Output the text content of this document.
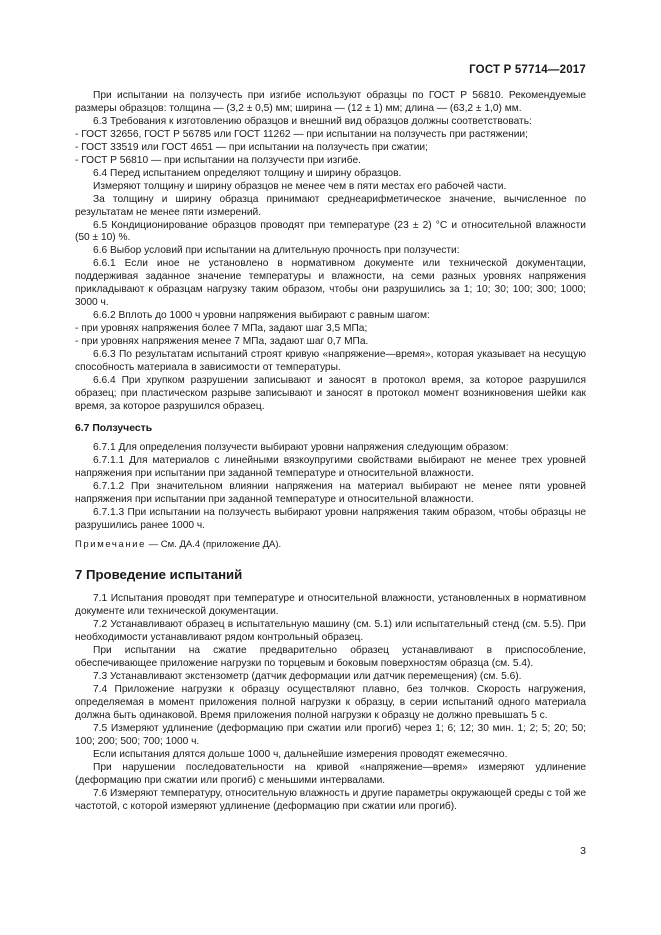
ГОСТ Р 57714—2017

При испытании на ползучесть при изгибе используют образцы по ГОСТ Р 56810. Рекомендуемые размеры образцов: толщина — (3,2 ± 0,5) мм; ширина — (12 ± 1) мм; длина — (63,2 ± 1,0) мм.

6.3 Требования к изготовлению образцов и внешний вид образцов должны соответствовать:

- ГОСТ 32656, ГОСТ Р 56785 или ГОСТ 11262 — при испытании на ползучесть при растяжении;

- ГОСТ 33519 или ГОСТ 4651 — при испытании на ползучесть при сжатии;

- ГОСТ Р 56810 — при испытании на ползучести при изгибе.

6.4 Перед испытанием определяют толщину и ширину образцов.

Измеряют толщину и ширину образцов не менее чем в пяти местах его рабочей части.

За толщину и ширину образца принимают среднеарифметическое значение, вычисленное по результатам не менее пяти измерений.

6.5 Кондиционирование образцов проводят при температуре (23 ± 2) °С и относительной влажности (50 ± 10) %.

6.6 Выбор условий при испытании на длительную прочность при ползучести:

6.6.1 Если иное не установлено в нормативном документе или технической документации, поддерживая заданное значение температуры и влажности, на семи разных уровнях напряжения прикладывают к образцам нагрузку таким образом, чтобы они разрушились за 1; 10; 30; 100; 300; 1000; 3000 ч.

6.6.2 Вплоть до 1000 ч уровни напряжения выбирают с равным шагом:

- при уровнях напряжения более 7 МПа, задают шаг 3,5 МПа;

- при уровнях напряжения менее 7 МПа, задают шаг 0,7 МПа.

6.6.3 По результатам испытаний строят кривую «напряжение—время», которая указывает на несущую способность материала в зависимости от температуры.

6.6.4 При хрупком разрушении записывают и заносят в протокол время, за которое разрушился образец; при пластическом разрыве записывают и заносят в протокол момент возникновения шейки как время, за которое разрушился образец.

6.7 Ползучесть

6.7.1 Для определения ползучести выбирают уровни напряжения следующим образом:

6.7.1.1 Для материалов с линейными вязкоупругими свойствами выбирают не менее трех уровней напряжения при испытании при заданной температуре и относительной влажности.

6.7.1.2 При значительном влиянии напряжения на материал выбирают не менее пяти уровней напряжения при испытании при заданной температуре и относительной влажности.

6.7.1.3 При испытании на ползучесть выбирают уровни напряжения таким образом, чтобы образцы не разрушились ранее 1000 ч.

Примечание — См. ДА.4 (приложение ДА).

7 Проведение испытаний

7.1 Испытания проводят при температуре и относительной влажности, установленных в нормативном документе или технической документации.

7.2 Устанавливают образец в испытательную машину (см. 5.1) или испытательный стенд (см. 5.5). При необходимости устанавливают рядом контрольный образец.

При испытании на сжатие предварительно образец устанавливают в приспособление, обеспечивающее приложение нагрузки по торцевым и боковым поверхностям образца (см. 5.4).

7.3 Устанавливают экстензометр (датчик деформации или датчик перемещения) (см. 5.6).

7.4 Приложение нагрузки к образцу осуществляют плавно, без толчков. Скорость нагружения, определяемая в момент приложения полной нагрузки к образцу, в серии испытаний одного материала должна быть одинаковой. Время приложения полной нагрузки к образцу не должно превышать 5 с.

7.5 Измеряют удлинение (деформацию при сжатии или прогиб) через 1; 6; 12; 30 мин. 1; 2; 5; 20; 50; 100; 200; 500; 700; 1000 ч.

Если испытания длятся дольше 1000 ч, дальнейшие измерения проводят ежемесячно.

При нарушении последовательности на кривой «напряжение—время» измеряют удлинение (деформацию при сжатии или прогиб) с меньшими интервалами.

7.6 Измеряют температуру, относительную влажность и другие параметры окружающей среды с той же частотой, с которой измеряют удлинение (деформацию при сжатии или прогиб).

3
